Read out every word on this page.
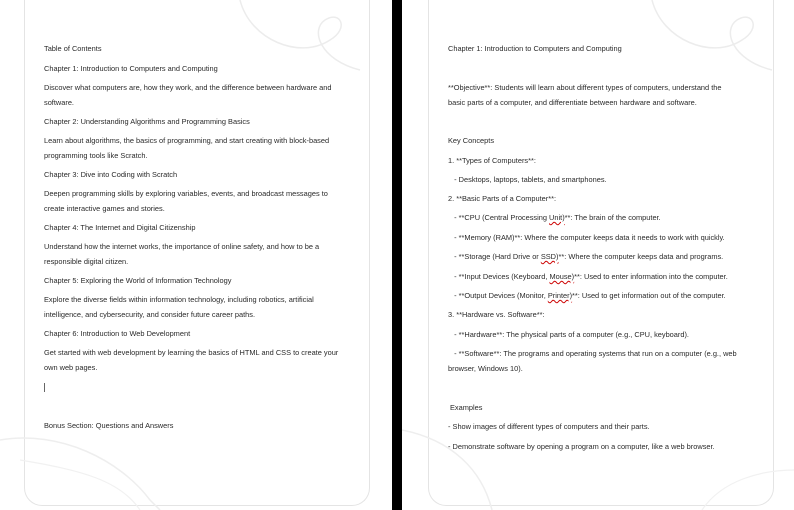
Table of Contents
Chapter 1: Introduction to Computers and Computing
Discover what computers are, how they work, and the difference between hardware and
software.
Chapter 2: Understanding Algorithms and Programming Basics
Learn about algorithms, the basics of programming, and start creating with block-based
programming tools like Scratch.
Chapter 3: Dive into Coding with Scratch
Deepen programming skills by exploring variables, events, and broadcast messages to
create interactive games and stories.
Chapter 4: The Internet and Digital Citizenship
Understand how the internet works, the importance of online safety, and how to be a
responsible digital citizen.
Chapter 5: Exploring the World of Information Technology
Explore the diverse fields within information technology, including robotics, artificial
intelligence, and cybersecurity, and consider future career paths.
Chapter 6: Introduction to Web Development
Get started with web development by learning the basics of HTML and CSS to create your
own web pages.
Bonus Section: Questions and Answers
Chapter 1: Introduction to Computers and Computing
**Objective**: Students will learn about different types of computers, understand the
basic parts of a computer, and differentiate between hardware and software.
Key Concepts
1. **Types of Computers**:
- Desktops, laptops, tablets, and smartphones.
2. **Basic Parts of a Computer**:
- **CPU (Central Processing Unit)**: The brain of the computer.
- **Memory (RAM)**: Where the computer keeps data it needs to work with quickly.
- **Storage (Hard Drive or SSD)**: Where the computer keeps data and programs.
- **Input Devices (Keyboard, Mouse)**: Used to enter information into the computer.
- **Output Devices (Monitor, Printer)**: Used to get information out of the computer.
3. **Hardware vs. Software**:
- **Hardware**: The physical parts of a computer (e.g., CPU, keyboard).
- **Software**: The programs and operating systems that run on a computer (e.g., web
browser, Windows 10).
Examples
- Show images of different types of computers and their parts.
- Demonstrate software by opening a program on a computer, like a web browser.
